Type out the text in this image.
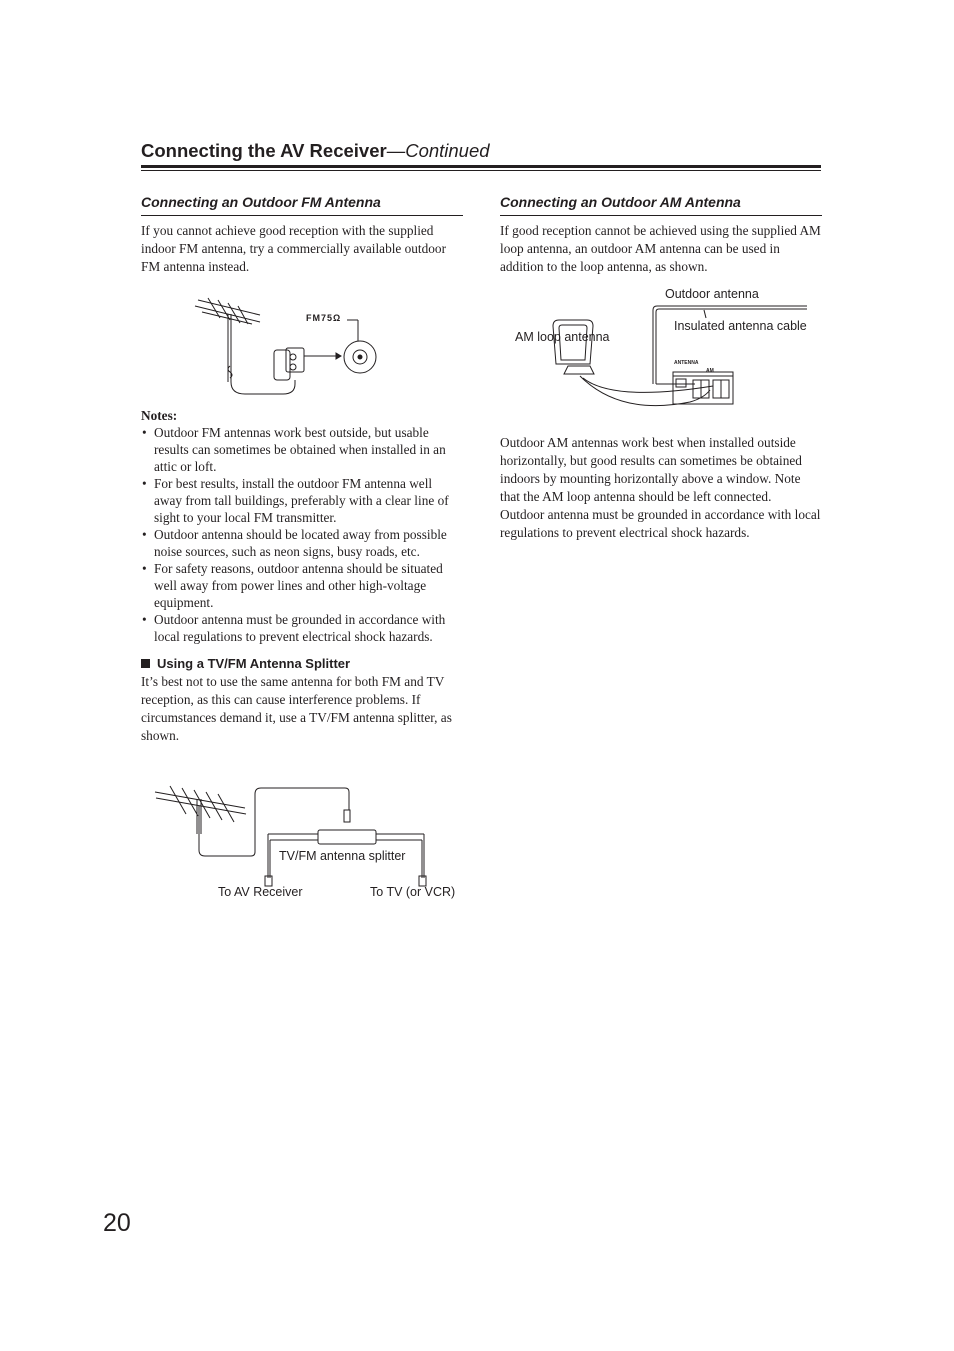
Connecting the AV Receiver—Continued
Connecting an Outdoor FM Antenna

If you cannot achieve good reception with the supplied indoor FM antenna, try a commercially available outdoor FM antenna instead.

FM75Ω
Notes:
• Outdoor FM antennas work best outside, but usable results can sometimes be obtained when installed in an attic or loft.
• For best results, install the outdoor FM antenna well away from tall buildings, preferably with a clear line of sight to your local FM transmitter.
• Outdoor antenna should be located away from possible noise sources, such as neon signs, busy roads, etc.
• For safety reasons, outdoor antenna should be situated well away from power lines and other high-voltage equipment.
• Outdoor antenna must be grounded in accordance with local regulations to prevent electrical shock hazards.
Using a TV/FM Antenna Splitter

It’s best not to use the same antenna for both FM and TV reception, as this can cause interference problems. If circumstances demand it, use a TV/FM antenna splitter, as shown.

TV/FM antenna splitter
To AV Receiver	To TV (or VCR)
Connecting an Outdoor AM Antenna

If good reception cannot be achieved using the supplied AM loop antenna, an outdoor AM antenna can be used in addition to the loop antenna, as shown.

Outdoor antenna
Insulated antenna cable
AM loop antenna
ANTENNA
AM

Outdoor AM antennas work best when installed outside horizontally, but good results can sometimes be obtained indoors by mounting horizontally above a window. Note that the AM loop antenna should be left connected.

Outdoor antenna must be grounded in accordance with local regulations to prevent electrical shock hazards.

20
